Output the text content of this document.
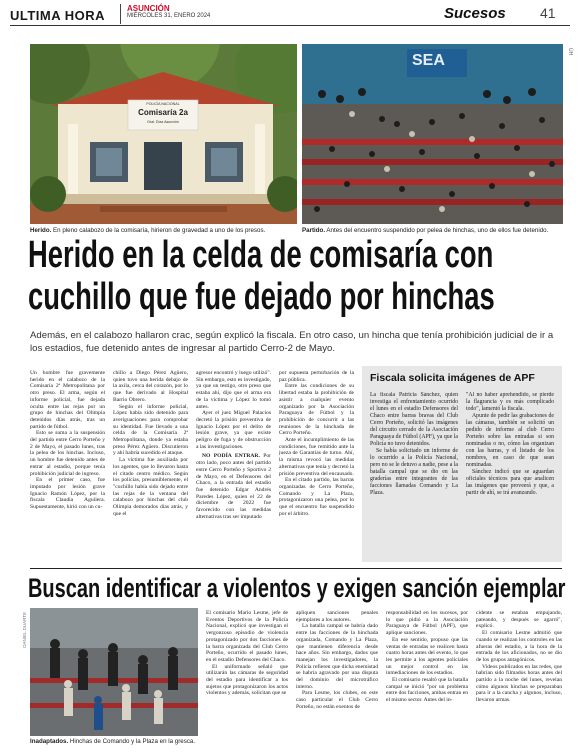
ULTIMA HORA	ASUNCIÓN
MIÉRCOLES 31, ENERO 2024	Sucesos 41
ÚH
POLICÍA NACIONAL
Comisaría 2a
Gral. Díaz Asunción
Herido. En pleno calabozo de la comisaría, hirieron de gravedad a uno de los presos.
SEA
Partido. Antes del encuentro suspendido por pelea de hinchas, uno de ellos fue detenido.
Herido en la celda de comisaría con
cuchillo que fue dejado por hinchas
Además, en el calabozo hallaron crac, según explicó la fiscala. En otro caso, un hincha que tenía prohibición judicial de ir a los estadios, fue detenido antes de ingresar al partido Cerro-2 de Mayo.

Un hombre fue gravemente herido en el calabozo de la Comisaría 2ª Metropolitana por otro preso. El arma, según el informe policial, fue dejada oculta entre las rejas por un grupo de hinchas del Olimpia detenidos días atrás, tras un partido de fútbol.

Esto se suma a la suspensión del partido entre Cerro Porteño y 2 de Mayo, el pasado lunes, tras la pelea de los hinchas. Incluso, un hombre fue detenido antes de entrar al estadio, porque tenía prohibición judicial de ingreso.

En el primer caso, fue imputado por lesión grave Ignacio Ramón López, por la fiscala Claudia Aguilera. Supuestamente, hirió con un cu-

chillo a Diego Pérez Agüero, quien tuvo una herida debajo de la axila, cerca del corazón, por lo que fue derivado al Hospital Barrio Obrero.

Según el informe policial, López había sido detenido para averiguaciones para comprobar su identidad. Fue llevado a una celda de la Comisaría 2ª Metropolitana, donde ya estaba preso Pérez Agüero. Discutieron y ahí habría sucedido el ataque.

La víctima fue auxiliada por los agentes, que lo llevaron hasta el citado centro médico. Según los policías, presumiblemente, el "cuchillo había sido dejado entre las rejas de la ventana del calabozo por hinchas del club Olimpia demorados días atrás, y que el

agresor encontró y luego utilizó". Sin embargo, esto es investigado, ya que un testigo, otro preso que estaba ahí, dijo que el arma era de la víctima y López lo tomó antes.

Ayer el juez Miguel Palacios decretó la prisión preventiva de Ignacio López por el delito de lesión grave, ya que existe peligro de fuga y de obstrucción a las investigaciones.

NO PODÍA ENTRAR. Por otro lado, poco antes del partido entre Cerro Porteño y Sportivo 2 de Mayo, en el Defensores del Chaco, a la entrada del estadio fue detenido Edgar Andrés Paredes López, quien el 22 de diciembre de 2022 fue favorecido con las medidas alternativas tras ser imputado

por supuesta perturbación de la paz pública.

Entre las condiciones de su libertad estaba la prohibición de asistir a cualquier evento organizado por la Asociación Paraguaya de Fútbol y la prohibición de concurrir a las reuniones de la hinchada de Cerro Porteño.

Ante el incumplimiento de las condiciones, fue remitido ante la jueza de Garantías de turno. Ahí, la misma revocó las medidas alternativas que tenía y decretó la prisión preventiva del encausado.

En el citado partido, las barras organizadas de Cerro Porteño, Comando y La Plaza, protagonizaron una pelea, por lo que el encuentro fue suspendido por el árbitro.

Fiscala solicita imágenes de APF

La fiscala Patricia Sánchez, quien investiga el enfrentamiento ocurrido el lunes en el estadio Defensores del Chaco entre barras bravas del Club Cerro Porteño, solicitó las imágenes del circuito cerrado de la Asociación Paraguaya de Fútbol (APF), ya que la Policía no tuvo detenidos.

Se había solicitado un informe de lo ocurrido a la Policía Nacional, pero no se le detuvo a nadie, pese a la batalla campal que se dio en las graderías entre integrantes de las facciones llamadas Comando y La Plaza.

"Al no haber aprehendido, se pierde la flagrancia y es más complicado todo", lamentó la fiscala.

Apunte de pedir las grabaciones de las cámaras, también se solicitó un pedido de informe al club Cerro Porteño sobre las entradas si son nominadas o no, cómo las organizan con las barras, y el listado de los nombres, en caso de que sean nominadas.

Sánchez indicó que se aguardan oficiales técnicos para que analicen las imágenes que proveerá y que, a partir de ahí, se irá avanzando.

Buscan identificar a violentos y exigen sanción ejemplar
DANIEL DUARTE
Inadaptados. Hinchas de Comando y la Plaza en la gresca.

El comisario Mario Lesme, jefe de Eventos Deportivos de la Policía Nacional, explicó que investigan el vergonzoso episodio de violencia protagonizado por dos facciones de la barra organizada del Club Cerro Porteño, ocurrido el pasado lunes, en el estadio Defensores del Chaco.

El uniformado señaló que utilizarán las cámaras de seguridad del estadio para identificar a los sujetos que protagonizaron los actos violentos y además, solicitan que se

apliquen sanciones penales ejemplares a los autores.

La batalla campal se habría dado entre las facciones de la hinchada organizada, Comando y La Plaza, que mantienen diferencia desde hace años. Sin embargo, dados que manejan los investigadores, la Policía refieren que dicha enemistad se habría agravado por una disputa del dominio del microtráfico interno.

Para Lesme, los clubes, en este caso particular el Club Cerro Porteño, no están exentos de

responsabilidad en los sucesos, por lo que pidió a la Asociación Paraguaya de Fútbol (APF), que aplique sanciones.

En ese sentido, propuso que las ventas de entradas se realicen hasta cuatro horas antes del evento, lo que les permite a los agentes policiales un mejor control en las inmediaciones de los estadios.

El comisario resaltó que la batalla campal se inició "por un problema entre dos facciones, ambas entran en el mismo sector. Antes del in-

cidente se estaban empujando, pateando, y después se agarró", explicó.

El comisario Lesme admitió que cuando se realizan los controles en las afueras del estadio, a la hora de la entrada de los aficionados, no se dio de los grupos antagónicos.

Videos publicados en las redes, que habrían sido filmados horas antes del partido a la noche del lunes, revelan cómo algunos hinchas se preparaban para ir a la cancha y algunos, incluso, llevaron armas.
